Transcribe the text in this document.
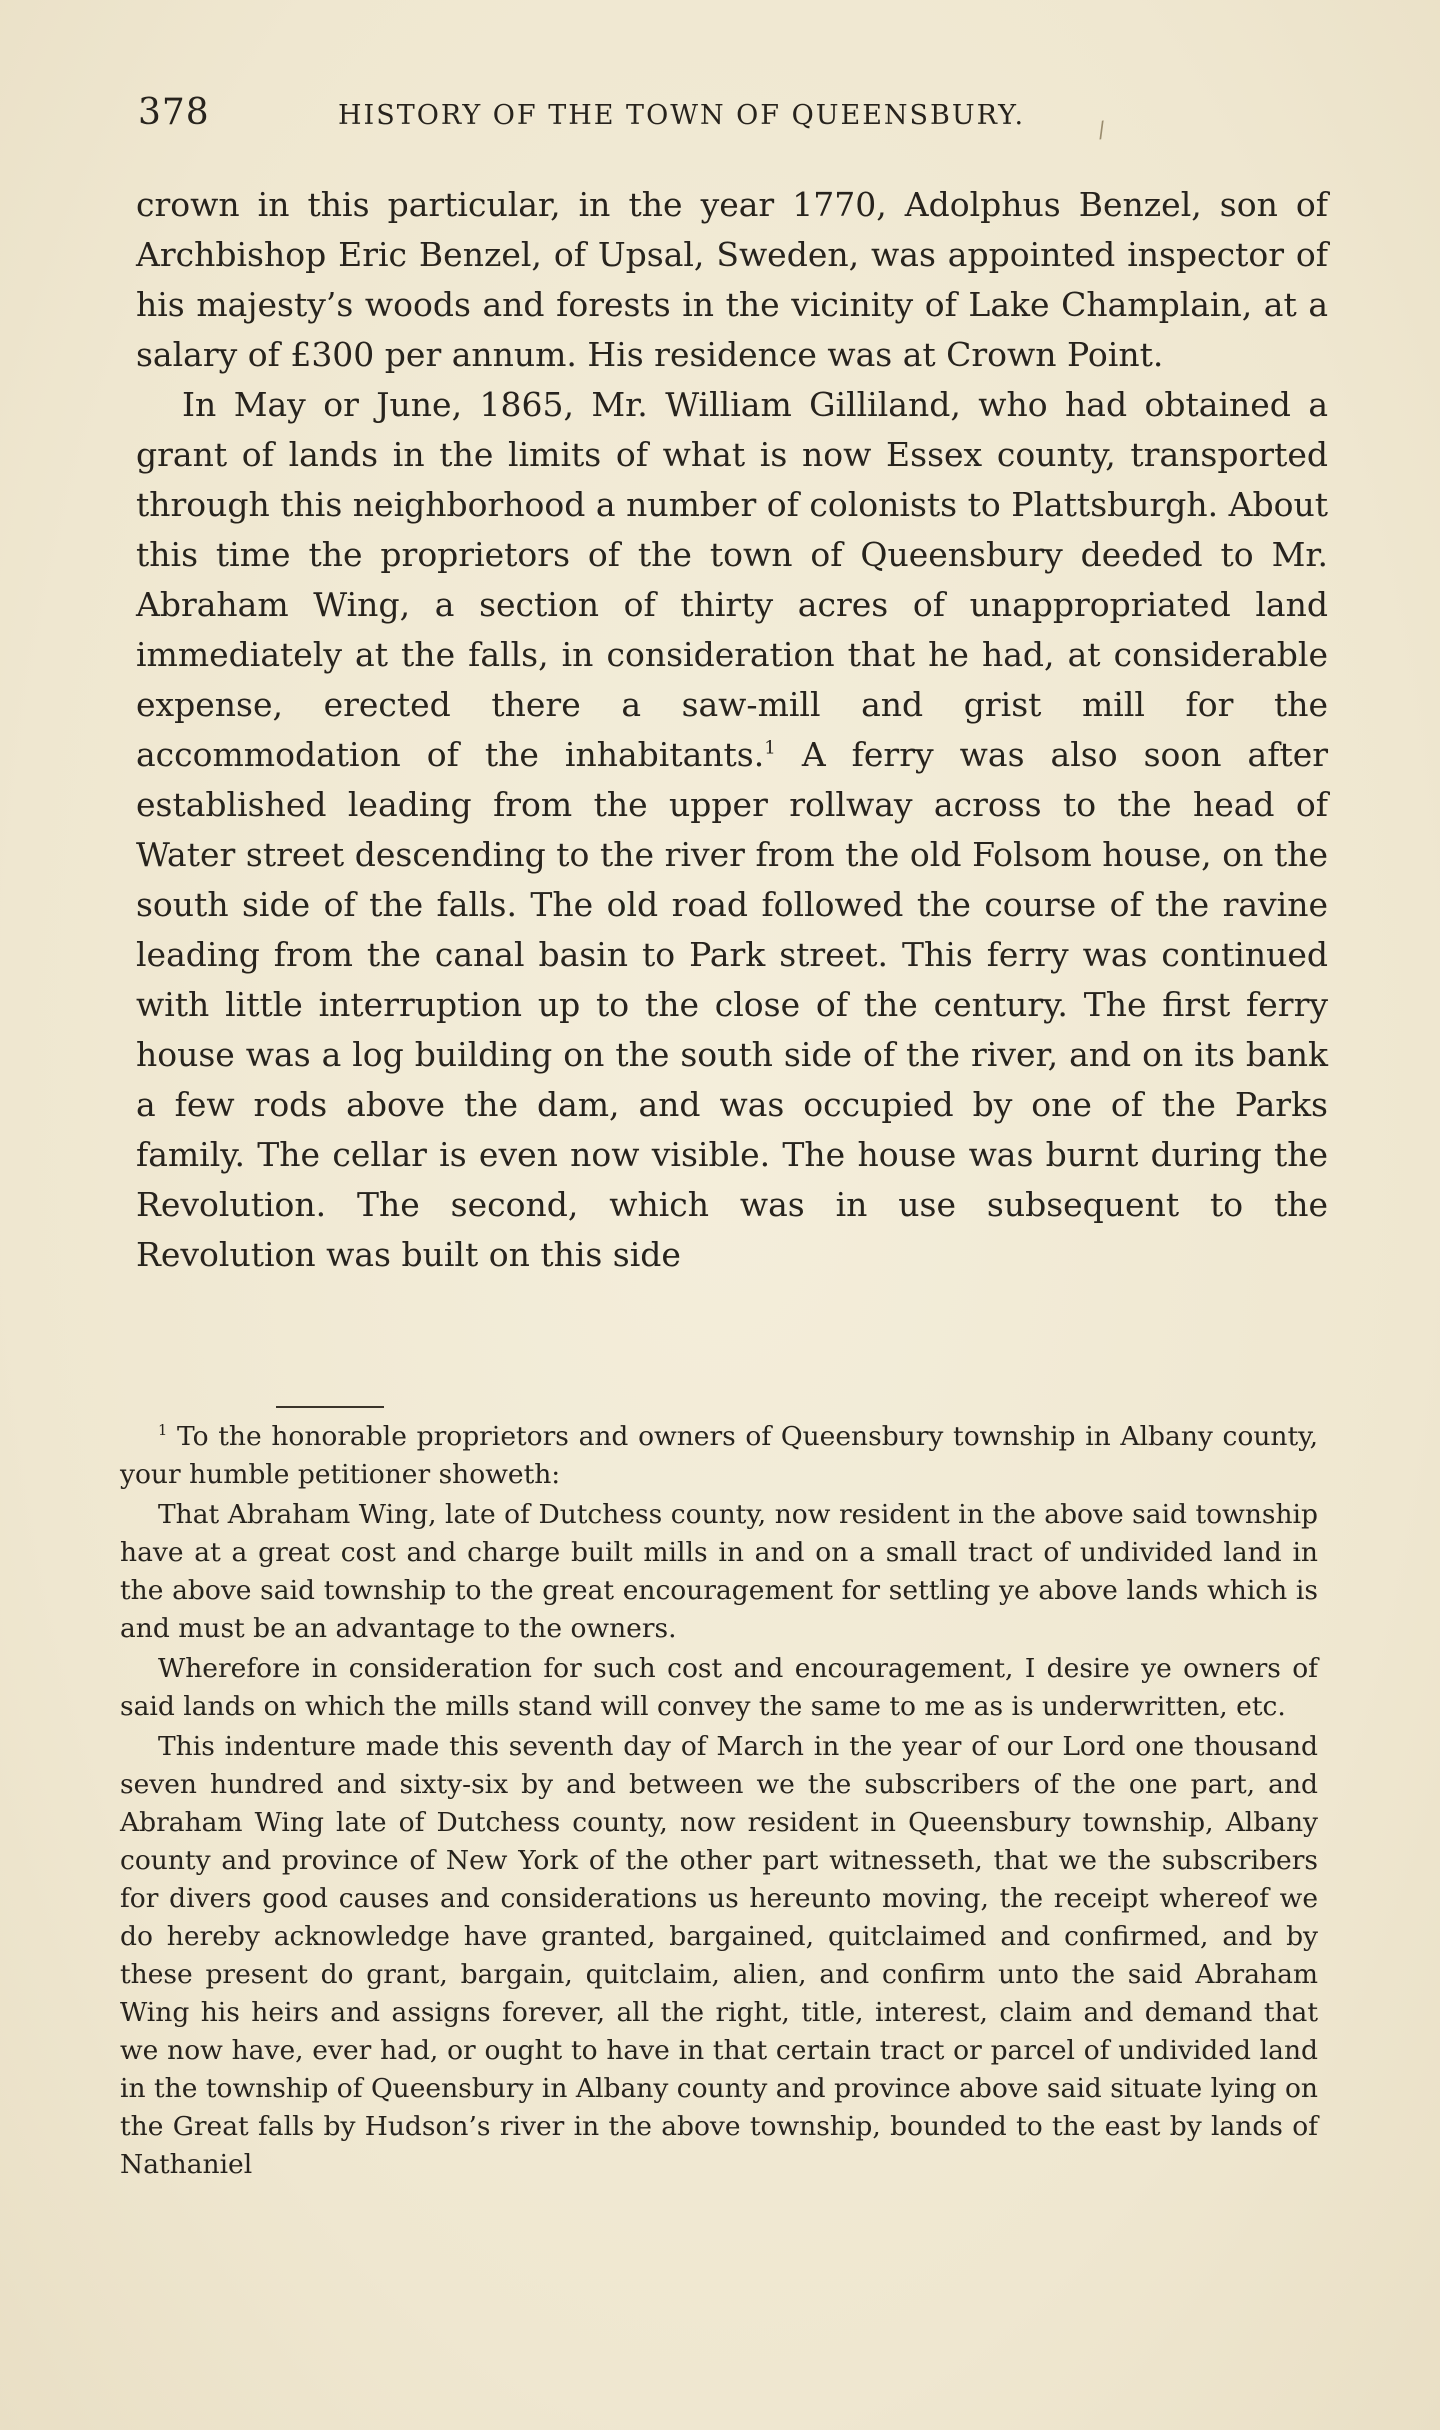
378	HISTORY OF THE TOWN OF QUEENSBURY.	/

crown in this particular, in the year 1770, Adolphus Benzel, son of Archbishop Eric Benzel, of Upsal, Sweden, was appointed inspector of his majesty’s woods and forests in the vicinity of Lake Champlain, at a salary of £300 per annum. His residence was at Crown Point.

In May or June, 1865, Mr. William Gilliland, who had obtained a grant of lands in the limits of what is now Essex county, transported through this neighborhood a number of colonists to Plattsburgh. About this time the proprietors of the town of Queensbury deeded to Mr. Abraham Wing, a section of thirty acres of unappropriated land immediately at the falls, in consideration that he had, at considerable expense, erected there a saw-mill and grist mill for the accommodation of the inhabitants.$^1$ A ferry was also soon after established leading from the upper rollway across to the head of Water street descending to the river from the old Folsom house, on the south side of the falls. The old road followed the course of the ravine leading from the canal basin to Park street. This ferry was continued with little interruption up to the close of the century. The first ferry house was a log building on the south side of the river, and on its bank a few rods above the dam, and was occupied by one of the Parks family. The cellar is even now visible. The house was burnt during the Revolution. The second, which was in use subsequent to the Revolution was built on this side

$^1$ To the honorable proprietors and owners of Queensbury township in Albany county, your humble petitioner showeth:

That Abraham Wing, late of Dutchess county, now resident in the above said township have at a great cost and charge built mills in and on a small tract of undivided land in the above said township to the great encouragement for settling ye above lands which is and must be an advantage to the owners.

Wherefore in consideration for such cost and encouragement, I desire ye owners of said lands on which the mills stand will convey the same to me as is underwritten, etc.

This indenture made this seventh day of March in the year of our Lord one thousand seven hundred and sixty-six by and between we the subscribers of the one part, and Abraham Wing late of Dutchess county, now resident in Queensbury township, Albany county and province of New York of the other part witnesseth, that we the subscribers for divers good causes and considerations us hereunto moving, the receipt whereof we do hereby acknowledge have granted, bargained, quitclaimed and confirmed, and by these present do grant, bargain, quitclaim, alien, and confirm unto the said Abraham Wing his heirs and assigns forever, all the right, title, interest, claim and demand that we now have, ever had, or ought to have in that certain tract or parcel of undivided land in the township of Queensbury in Albany county and province above said situate lying on the Great falls by Hudson’s river in the above township, bounded to the east by lands of Nathaniel
